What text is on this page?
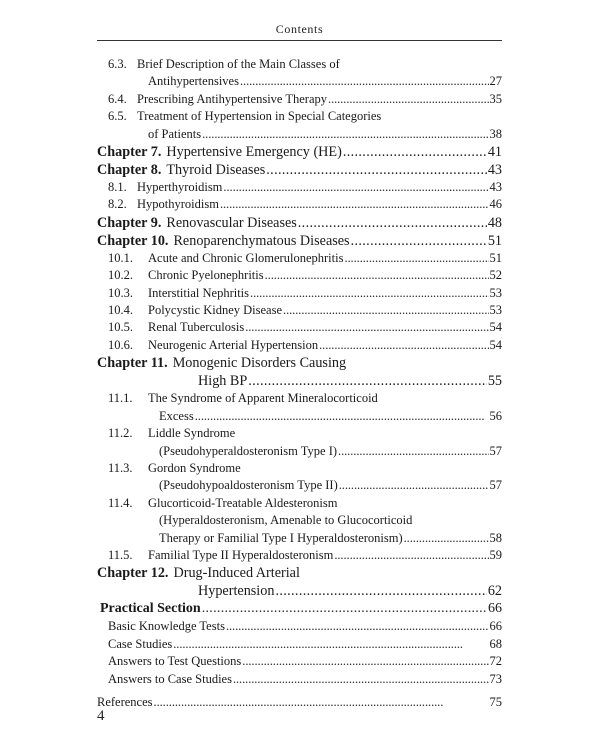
Contents
6.3. Brief Description of the Main Classes of
Antihypertensives . . .	27
6.4. Prescribing Antihypertensive Therapy . . .	35
6.5. Treatment of Hypertension in Special Categories
of Patients . . .	38
Chapter 7. Hypertensive Emergency (HE) . . .	41
Chapter 8. Thyroid Diseases . . .	43
8.1. Hyperthyroidism . . .	43
8.2. Hypothyroidism . . .	46
Chapter 9. Renovascular Diseases . . .	48
Chapter 10. Renoparenchymatous Diseases . . .	51
10.1.	Acute and Chronic Glomerulonephritis . . .	51
10.2.	Chronic Pyelonephritis . . .	52
10.3.	Interstitial Nephritis . . .	53
10.4.	Polycystic Kidney Disease . . .	53
10.5.	Renal Tuberculosis . . .	54
10.6.	Neurogenic Arterial Hypertension . . .	54
Chapter 11. Monogenic Disorders Causing
High BP . . .	55
11.1. The Syndrome of Apparent Mineralocorticoid
Excess . . .	56
11.2. Liddle Syndrome
(Pseudohyperaldosteronism Type I) . . .	57
11.3. Gordon Syndrome
(Pseudohypoaldosteronism Type II) . . .	57
11.4. Glucorticoid-Treatable Aldesteronism
(Hyperaldosteronism, Amenable to Glucocorticoid
Therapy or Familial Type I Hyperaldosteronism) . . .	58
11.5.	Familial Type II Hyperaldosteronism . . .	59
Chapter 12. Drug-Induced Arterial
Hypertension . . .	62
Practical Section . . .	66
Basic Knowledge Tests . . .	66
Case Studies . . .	68
Answers to Test Questions . . .	72
Answers to Case Studies . . .	73
References . . .	75
4
